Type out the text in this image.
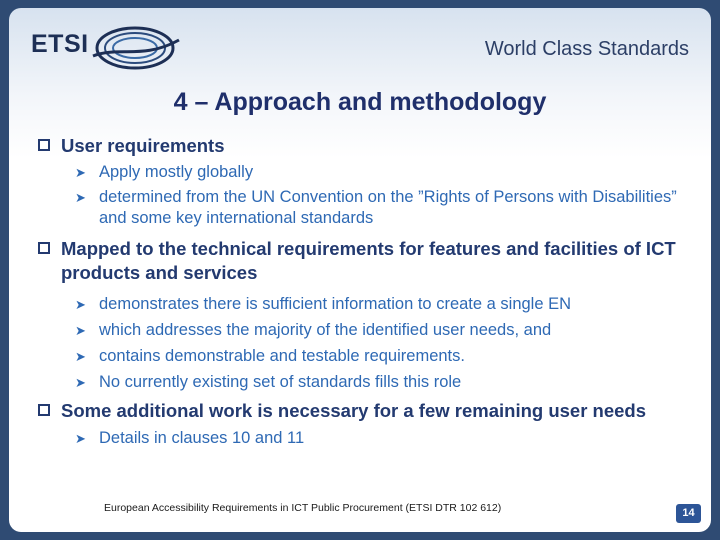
ETSI	World Class Standards
4 – Approach and methodology
User requirements
➤ Apply mostly globally
➤ determined from the UN Convention on the ”Rights of Persons with Disabilities” and some key international standards
Mapped to the technical requirements for features and facilities of ICT products and services
➤ demonstrates there is sufficient information to create a single EN
➤ which addresses the majority of the identified user needs, and
➤ contains demonstrable and testable requirements.
➤ No currently existing set of standards fills this role
Some additional work is necessary for a few remaining user needs
➤ Details in clauses 10 and 11
European Accessibility Requirements in ICT Public Procurement (ETSI DTR 102 612)	14
